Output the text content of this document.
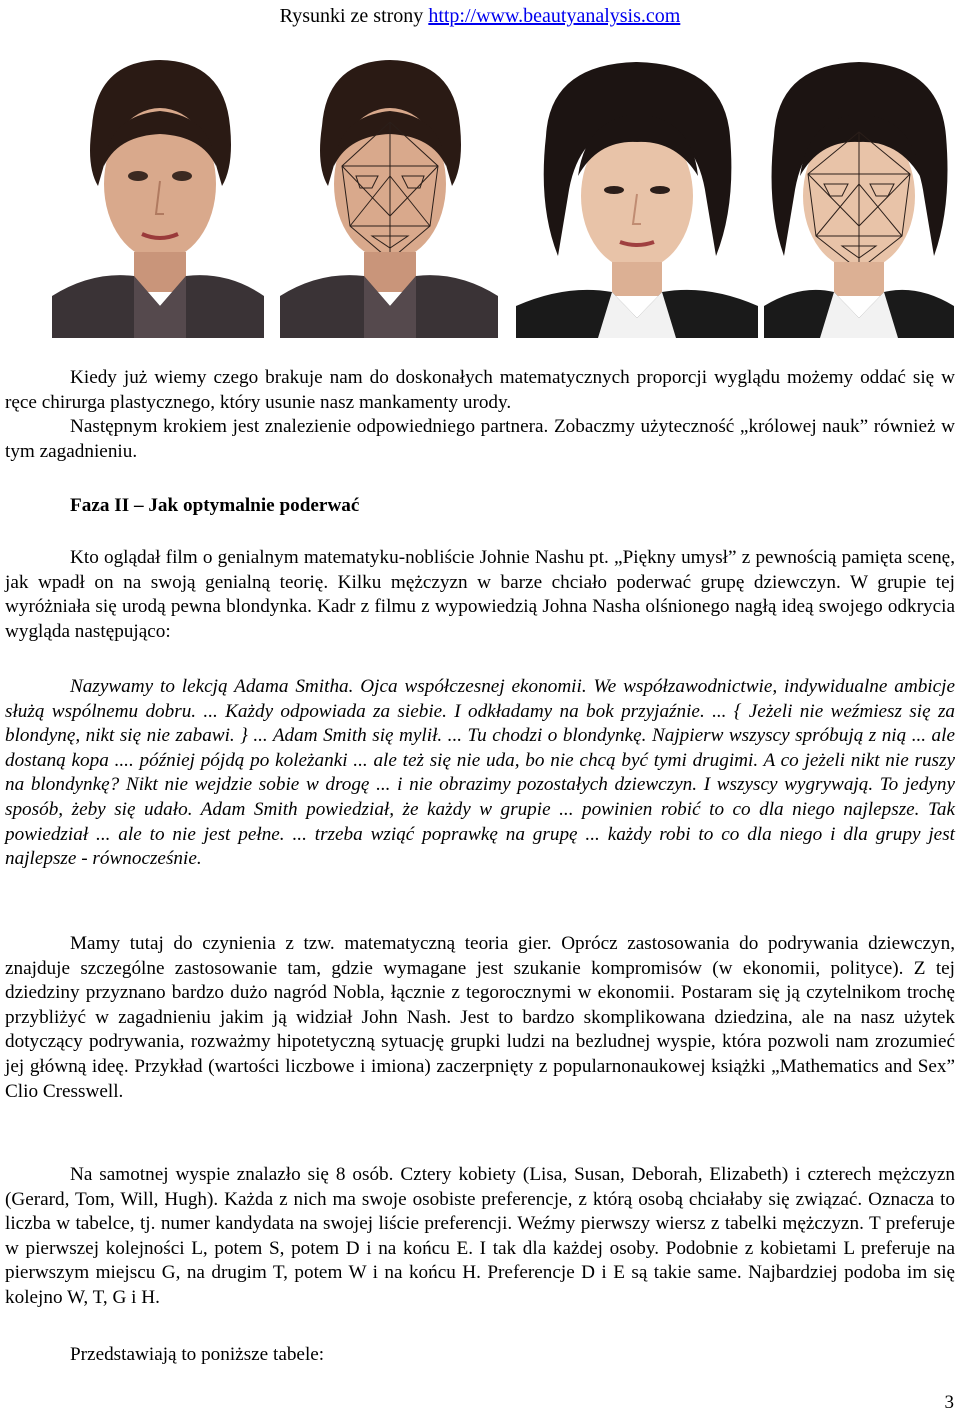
Rysunki ze strony http://www.beautyanalysis.com

Kiedy już wiemy czego brakuje nam do doskonałych matematycznych proporcji wyglądu możemy oddać się w ręce chirurga plastycznego, który usunie nasz mankamenty urody.

Następnym krokiem jest znalezienie odpowiedniego partnera. Zobaczmy użyteczność „królowej nauk” również w tym zagadnieniu.

Faza II – Jak optymalnie poderwać
Kto oglądał film o genialnym matematyku-nobliście Johnie Nashu pt. „Piękny umysł” z pewnością pamięta scenę, jak wpadł on na swoją genialną teorię. Kilku mężczyzn w barze chciało poderwać grupę dziewczyn. W grupie tej wyróżniała się urodą pewna blondynka. Kadr z filmu z wypowiedzią Johna Nasha olśnionego nagłą ideą swojego odkrycia wygląda następująco:
Nazywamy to lekcją Adama Smitha. Ojca współczesnej ekonomii. We współzawodnictwie, indywidualne ambicje służą wspólnemu dobru. ... Każdy odpowiada za siebie. I odkładamy na bok przyjaźnie. ... { Jeżeli nie weźmiesz się za blondynę, nikt się nie zabawi. } ... Adam Smith się mylił. ... Tu chodzi o blondynkę. Najpierw wszyscy spróbują z nią ... ale dostaną kopa .... później pójdą po koleżanki ... ale też się nie uda, bo nie chcą być tymi drugimi. A co jeżeli nikt nie ruszy na blondynkę? Nikt nie wejdzie sobie w drogę ... i nie obrazimy pozostałych dziewczyn. I wszyscy wygrywają. To jedyny sposób, żeby się udało. Adam Smith powiedział, że każdy w grupie ... powinien robić to co dla niego najlepsze. Tak powiedział ... ale to nie jest pełne. ... trzeba wziąć poprawkę na grupę ... każdy robi to co dla niego i dla grupy jest najlepsze - równocześnie.
Mamy tutaj do czynienia z tzw. matematyczną teoria gier. Oprócz zastosowania do podrywania dziewczyn, znajduje szczególne zastosowanie tam, gdzie wymagane jest szukanie kompromisów (w ekonomii, polityce). Z tej dziedziny przyznano bardzo dużo nagród Nobla, łącznie z tegorocznymi w ekonomii. Postaram się ją czytelnikom trochę przybliżyć w zagadnieniu jakim ją widział John Nash. Jest to bardzo skomplikowana dziedzina, ale na nasz użytek dotyczący podrywania, rozważmy hipotetyczną sytuację grupki ludzi na bezludnej wyspie, która pozwoli nam zrozumieć jej główną ideę. Przykład (wartości liczbowe i imiona) zaczerpnięty z popularnonaukowej książki „Mathematics and Sex” Clio Cresswell.
Na samotnej wyspie znalazło się 8 osób. Cztery kobiety (Lisa, Susan, Deborah, Elizabeth) i czterech mężczyzn (Gerard, Tom, Will, Hugh). Każda z nich ma swoje osobiste preferencje, z którą osobą chciałaby się związać. Oznacza to liczba w tabelce, tj. numer kandydata na swojej liście preferencji. Weźmy pierwszy wiersz z tabelki mężczyzn. T preferuje w pierwszej kolejności L, potem S, potem D i na końcu E. I tak dla każdej osoby. Podobnie z kobietami L preferuje na pierwszym miejscu G, na drugim T, potem W i na końcu H. Preferencje D i E są takie same. Najbardziej podoba im się kolejno W, T, G i H.
Przedstawiają to poniższe tabele:
3
